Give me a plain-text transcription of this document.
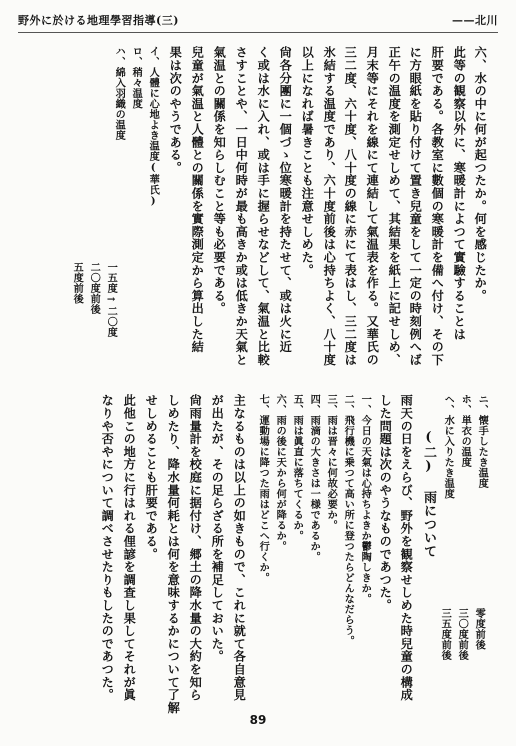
野外に於ける地理學習指導(三)	——北川
六、水の中に何が起つたか。何を感じたか。
此等の観察以外に、寒暖計によつて實驗することは
肝要である。各教室に數個の寒暖計を備へ付け、その下
に方眼紙を貼り付けて置き兒童をして一定の時刻例へば
正午の温度を測定せしめて、其結果を紙上に記せしめ、
月末等にそれを線にて連結して氣温表を作る。又華氏の
三二度、六十度、八十度の線に赤にて表はし、三二度は
氷結する温度であり、六十度前後は心持ちよく、八十度
以上になれば暑きことも注意せしめた。
尙各分團に一個づゝ位寒暖計を持たせて、或は火に近
く或は水に入れ、或は手に握らせなどして、氣温と比較
さすことや、一日中何時が最も高きか或は低きか天氣と
氣温との關係を知らしむこと等も必要である。
兒童が氣温と人體との關係を實際測定から算出した結
果は次のやうである。
イ、人體に心地よき温度(華氏)
ロ、稍々温度
ハ、綿入羽織の温度
一五度→二〇度
二〇度前後
五度前後
ニ、懐手したき温度
ホ、単衣の温度
ヘ、水に入りたき温度
(二) 雨について
雨天の日をえらび、野外を観察せしめた時兒童の構成
した問題は次のやうなものであつた。
一、今日の天氣は心持ちよきか鬱陶しきか。
二、飛行機に乗つて高い所に登つたらどんなだらう。
三、雨は晋々に何故必要か。
四、雨滴の大きさは一様であるか。
五、雨は眞直に落ちてくるか。
六、雨の後に天から何が降るか。
七、運動場に降つた雨はどこへ行くか。
主なるものは以上の如きもので、これに就て各自意見
が出たが、その足らざる所を補足しておいた。
尙雨量計を校庭に据付け、郷土の降水量の大約を知ら
しめたり、降水量何耗とは何を意味するかについて了解
せしめることも肝要である。
此他この地方に行はれる俚諺を調査し果してそれが眞
なりや否やについて調べさせたりもしたのであつた。	零度前後
三〇度前後
三五度前後
89
